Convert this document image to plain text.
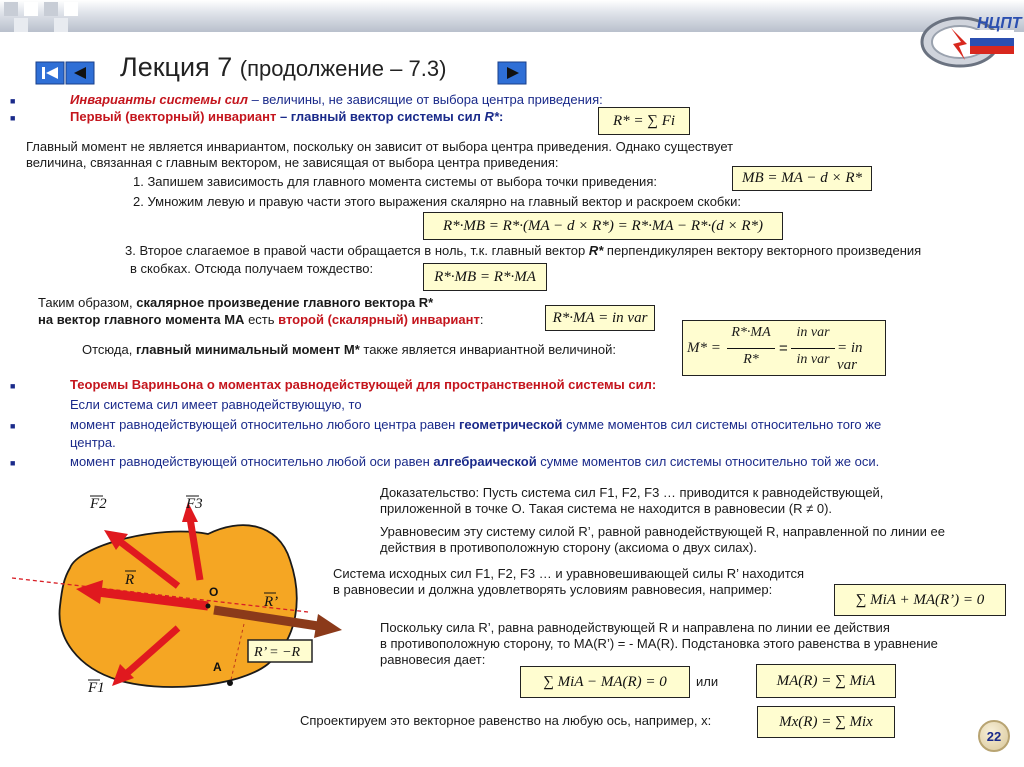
НЦПТ
Лекция 7 (продолжение – 7.3)
■	Инварианты системы сил – величины, не зависящие от выбора центра приведения:
■	Первый (векторный) инвариант – главный вектор системы сил R*:	R* = ∑ Fi
Главный момент не является инвариантом, поскольку он зависит от выбора центра приведения. Однако существует
величина, связанная с главным вектором, не зависящая от выбора центра приведения:
1. Запишем зависимость для главного момента системы от выбора точки приведения:	MB = MA − d × R*
2. Умножим левую и правую части этого выражения скалярно на главный вектор и раскроем скобки:
R*·MB = R*·(MA − d × R*) = R*·MA − R*·(d × R*)
3. Второе слагаемое в правой части обращается в ноль, т.к. главный вектор R* перпендикулярен вектору векторного произведения
в скобках. Отсюда получаем тождество:	R*·MB = R*·MA
Таким образом, скалярное произведение главного вектора R*
на вектор главного момента MA есть второй (скалярный) инвариант:	R*·MA = in var
Отсюда, главный минимальный момент M* также является инвариантной величиной:	M* =
R*·MA
R*
=
in var
in var
= in var
■	Теоремы Вариньона о моментах равнодействующей для пространственной системы сил:
Если система сил имеет равнодействующую, то
■	момент равнодействующей относительно любого центра равен геометрической сумме моментов сил системы относительно того же
центра.
■	момент равнодействующей относительно любой оси равен алгебраической сумме моментов сил системы относительно той же оси.
F2	F3
R
O
R’
R’ = −R
A
F1
Доказательство: Пусть система сил F1, F2, F3 … приводится к равнодействующей,
приложенной в точке O. Такая система не находится в равновесии (R ≠ 0).
Уравновесим эту систему силой R’, равной равнодействующей R, направленной по линии ее
действия в противоположную сторону (аксиома о двух силах).
Система исходных сил F1, F2, F3 … и уравновешивающей силы R’ находится
в равновесии и должна удовлетворять условиям равновесия, например:
∑ MiA + MA(R’) = 0
Поскольку сила R’, равна равнодействующей R и направлена по линии ее действия
в противоположную сторону, то MA(R’) = - MA(R). Подстановка этого равенства в уравнение
равновесия дает:
∑ MiA − MA(R) = 0	или	MA(R) = ∑ MiA
Спроектируем это векторное равенство на любую ось, например, x:	Mx(R) = ∑ Mix
22
